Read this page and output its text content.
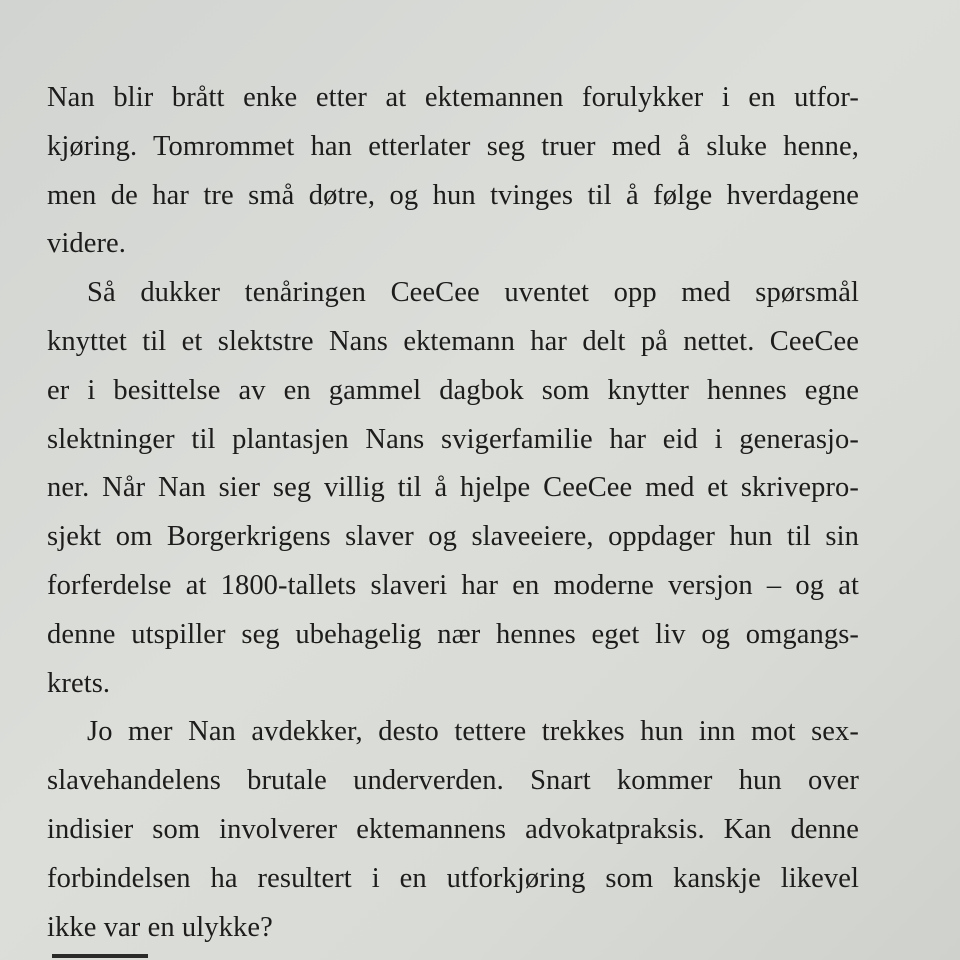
Nan blir brått enke etter at ektemannen forulykker i en utfor-
kjøring. Tomrommet han etterlater seg truer med å sluke henne,
men de har tre små døtre, og hun tvinges til å følge hverdagene
videre.
Så dukker tenåringen CeeCee uventet opp med spørsmål
knyttet til et slektstre Nans ektemann har delt på nettet. CeeCee
er i besittelse av en gammel dagbok som knytter hennes egne
slektninger til plantasjen Nans svigerfamilie har eid i generasjo-
ner. Når Nan sier seg villig til å hjelpe CeeCee med et skrivepro-
sjekt om Borgerkrigens slaver og slaveeiere, oppdager hun til sin
forferdelse at 1800-tallets slaveri har en moderne versjon – og at
denne utspiller seg ubehagelig nær hennes eget liv og omgangs-
krets.
Jo mer Nan avdekker, desto tettere trekkes hun inn mot sex-
slavehandelens brutale underverden. Snart kommer hun over
indisier som involverer ektemannens advokatpraksis. Kan denne
forbindelsen ha resultert i en utforkjøring som kanskje likevel
ikke var en ulykke?
